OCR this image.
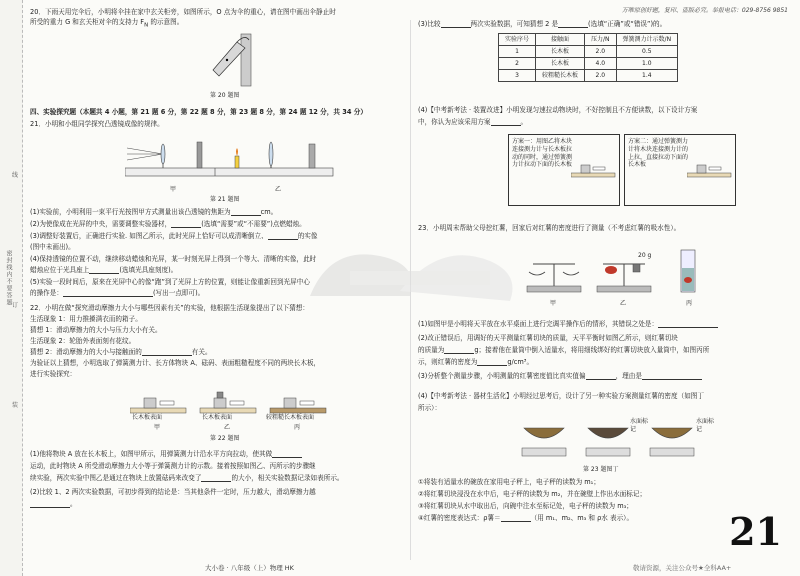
密封线内不要答题
线
订
装
万唯原创好题，复印、盗版必究。举报电话：029-8756 9851
20．下雨天用完伞后，小明将伞挂在家中玄关柜旁，如图所示，O 点为伞的重心，请在图中画出伞静止时
所受的重力 G 和玄关柜对伞的支持力 $F_N$ 的示意图。
第 20 题图
四、实验探究题（本题共 4 小题，第 21 题 6 分，第 22 题 8 分，第 23 题 8 分，第 24 题 12 分，共 34 分）
21．小明和小组同学探究凸透镜成像的规律。
甲	乙
第 21 题图
(1)实验前，小明利用一束平行光按图甲方式测量出该凸透镜的焦距为	cm。
(2)为使像成在光屏的中央，需要调整实验器材，	(选填“需要”或“不需要”)点燃蜡烛。
(3)调整好装置后，正确进行实验. 如图乙所示，此时光屏上恰好可以成清晰倒立、	的实像
(图中未画出)。
(4)保持透镜的位置不动，继续移动蜡烛和光屏，某一时刻光屏上得到一个等大、清晰的实像，此时
蜡烛应位于光具座上	(选填光具座刻度)。
(5)实验一段时间后，原来在光屏中心的像“跑”到了光屏上方的位置，则能让像重新回到光屏中心
的操作是：	(写出一点即可)。
22．小明在做“探究滑动摩擦力大小与哪些因素有关”的实验，他根据生活现象提出了以下猜想：
生活现象 1：用力推搡满衣而的箱子。
猜想 1：滑动摩擦力的大小与压力大小有关。
生活现象 2：轮胎外表面刻有花纹。
猜想 2：滑动摩擦力的大小与接触面的	有关。
为验证以上猜想，小明选取了弹簧测力计、长方体物块 A、砝码、表面粗糙程度不同的两块长木板，
进行实验探究：
长木板表面	长木板表面	较粗糙长木板表面
甲	乙	丙
第 22 题图
(1)他将物块 A 放在长木板上，如图甲所示，用弹簧测力计沿水平方向拉动，使其做
运动，此时物块 A 所受滑动摩擦力大小等于弹簧测力计的示数。接着按照如图乙、丙所示的步骤继
续实验，两次实验中图乙是通过在物块上放置砝码来改变了	的大小，相关实验数据记录如表所示。
(2)比较 1、2 两次实验数据，可初步得到的结论是：当其他条件一定时，压力越大，滑动摩擦力越
。
大小卷 · 八年级（上）物理 HK
(3)比较	两次实验数据，可知猜想 2 是	(选填“正确”或“错误”)的。
实验序号	接触面	压力/N	弹簧测力计示数/N
1	长木板	2.0	0.5
2	长木板	4.0	1.0
3	较粗糙长木板	2.0	1.4
(4)【中考新考法 · 装置改进】小明发现匀速拉动物块时，不好控制且不方便读数，以下设计方案
中，你认为应该采用方案	。
方案一：用图乙将木块连接测力计与长木板拉动的同时，通过弹簧测力计拉动下面的长木板
方案二：通过弹簧测力计将木块连接测力计的上拉，直接拉动下面的长木板
23．小明周末帮助父母挖红薯，回家后对红薯的密度进行了测量（不考虑红薯的吸水性）。
20 g
甲	乙	丙
(1)如图甲是小明将天平放在水平桌面上进行完调平操作后的情形，其错误之处是：
(2)改正错误后，用调好的天平测量红薯切块的质量，天平平衡时如图乙所示，则红薯切块
的质量为	g；接着他在量筒中倒入适量水，将用细线绑好的红薯切块放入量筒中，如图丙所
示，则红薯的密度为	g/cm³。
(3)分析整个测量步骤，小明测量的红薯密度值比真实值偏	，理由是
(4)【中考新考法 · 器材生活化】小明经过思考后，设计了另一种实验方案测量红薯的密度（如图丁
所示）：
水面标记
水面标记
第 23 题图丁
①将装有适量水的碗放在家用电子秤上，电子秤的读数为 m₁；
②将红薯切块浸没在水中后，电子秤的读数为 m₂，并在碗壁上作出水面标记；
③将红薯切块从水中取出后，向碗中注水至标记处，电子秤的读数为 m₃；
④红薯的密度表达式：ρ薯＝	（用 m₁、m₂、m₃ 和 ρ水 表示）。
敬请资源，关注公众号★全科AA+
21
